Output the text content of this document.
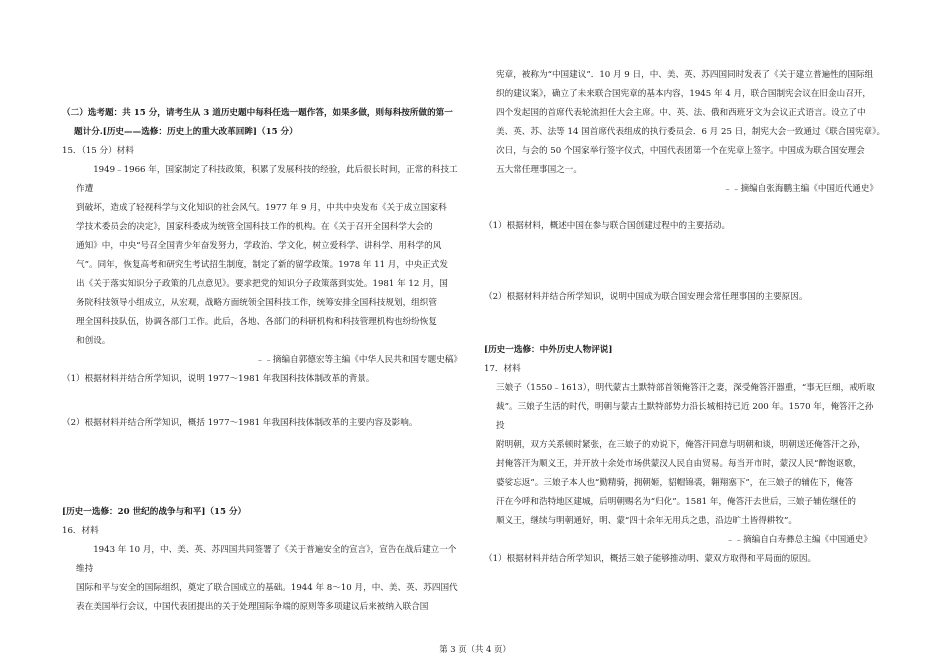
（二）选考题：共 15 分，请考生从 3 道历史题中每科任选一题作答，如果多做，则每科按所做的第一

题计分.[历史——选修：历史上的重大改革回眸]（15 分）

15．（15 分）材料

1949﹣1966 年，国家制定了科技政策，积累了发展科技的经验，此后很长时间，正常的科技工作遭

到破坏，造成了轻视科学与文化知识的社会风气。1977 年 9 月，中共中央发布《关于成立国家科

学技术委员会的决定》，国家科委成为统管全国科技工作的机构。在《关于召开全国科学大会的

通知》中，中央“号召全国青少年奋发努力，学政治、学文化，树立爱科学、讲科学、用科学的风

气”。同年，恢复高考和研究生考试招生制度，制定了新的留学政策。1978 年 11 月，中央正式发

出《关于落实知识分子政策的几点意见》。要求把党的知识分子政策落到实处。1981 年 12 月，国

务院科技领导小组成立，从宏观，战略方面统领全国科技工作，统筹安排全国科技规划，组织管

理全国科技队伍，协调各部门工作。此后，各地、各部门的科研机构和科技管理机构也纷纷恢复

和创设。

﹣﹣摘编自郭德宏等主编《中华人民共和国专题史稿》

（1）根据材料并结合所学知识，说明 1977～1981 年我国科技体制改革的背景。

（2）根据材料并结合所学知识，概括 1977～1981 年我国科技体制改革的主要内容及影响。

[历史一选修：20 世纪的战争与和平]（15 分）

16．材料

1943 年 10 月，中、美、英、苏四国共同签署了《关于普遍安全的宣言》，宣告在战后建立一个维持

国际和平与安全的国际组织，奠定了联合国成立的基础。1944 年 8～10 月，中、美、英、苏四国代

表在美国举行会议，中国代表团提出的关于处理国际争端的原则等多项建议后来被纳入联合国

宪章，被称为“中国建议”．10 月 9 日，中、美、英、苏四国同时发表了《关于建立普遍性的国际组

织的建议案》，确立了未来联合国宪章的基本内容，1945 年 4 月，联合国制宪会议在旧金山召开，

四个发起国的首席代表轮流担任大会主席。中、英、法、俄和西班牙文为会议正式语言。设立了中

美、英、苏、法等 14 国首席代表组成的执行委员会．6 月 25 日，制宪大会一致通过《联合国宪章》。

次日，与会的 50 个国家举行签字仪式，中国代表团第一个在宪章上签字。中国成为联合国安理会

五大常任理事国之一。

﹣﹣摘编自张海鹏主编《中国近代通史》

（1）根据材料，概述中国在参与联合国创建过程中的主要括动。

（2）根据材料并结合所学知识，说明中国成为联合国安理会常任理事国的主要原因。

[历史一选修：中外历史人物评说]

17．材料

三娘子（1550﹣1613），明代蒙古土默特部首领俺答汗之妻，深受俺答汗器重，“事无巨细，戒听取

裁”。三娘子生活的时代，明朝与蒙古土默特部势力沿长城相持已近 200 年。1570 年，俺答汗之孙投

附明朝，双方关系顿时紧张，在三娘子的劝说下，俺答汗同意与明朝和谈，明朝送还俺答汗之孙，

封俺答汗为顺义王，并开放十余处市场供蒙汉人民自由贸易。每当开市时，蒙汉人民“醉饱讴歌，

婆娑忘返”。三娘子本人也“勤精骑，拥朝姬，貂帽锦裘，翱翔塞下”，在三娘子的辅佐下，俺答

汗在今呼和浩特地区建城，后明朝赐名为“归化”。1581 年，俺答汗去世后，三娘子辅佐继任的

顺义王，继续与明朝通好，明、蒙“四十余年无用兵之患，沿边旷土皆得耕牧”。

﹣﹣摘编自白寿彝总主编《中国通史》

（1）根据材料并结合所学知识，概括三娘子能够推动明、蒙双方取得和平局面的原因。

第 3 页（共 4 页）
